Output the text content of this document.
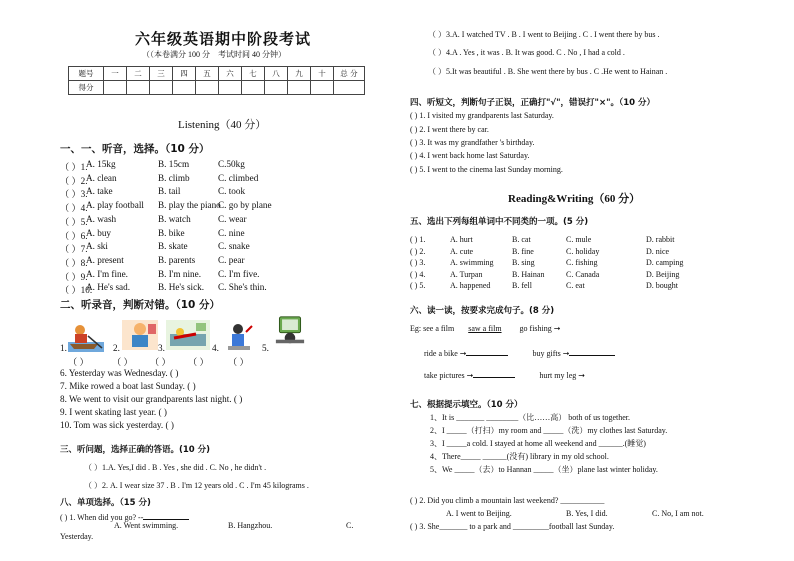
六年级英语期中阶段考试
（（本卷满分 100 分　考试时间 40 分钟）
题号	一	二	三	四	五	六	七	八	九	十	总 分
得分											
Listening（40 分）
一、一、听音，选择。（10 分）
（ ）1.
A. 15kg	B. 15cm	C.50kg
（ ）2.
A. clean	B. climb	C. climbed
（ ）3.
A. take	B. tail	C. took
（ ）4.
A. play football B. play the piano
C. go by plane
（ ）5.
A. wash	B. watch	C. wear
（ ）6.
A. buy	B. bike	C. nine
（ ）7.
A. ski	B. skate	C. snake
（ ）8.
A. present	B. parents C. pear
（ ）9.
A. I'm fine.	B. I'm nine. C. I'm five.
（ ）10.
A. He's sad.	B. He's sick. C. She's thin.
二、听录音，判断对错。（10 分）
1.	2.	3.	4.	5.
（ ）	（ ） （ ） （ ） （ ）
6. Yesterday was Wednesday. ( )
7. Mike rowed a boat last Sunday. ( )
8. We went to visit our grandparents last night. ( )
9. I went skating last year. ( )
10. Tom was sick yesterday. ( )
三、听问题，选择正确的答语。(10 分)
（ ）1.A. Yes,I did . B . Yes , she did . C. No , he didn't .
（ ）2. A. I wear size 37 . B . I'm 12 years old . C . I'm 45 kilograms .
八、单项选择。（15 分)
( ) 1. When did you go? --
A. Went swimming.	B. Hangzhou.	C.
Yesterday.
（ ）3.A. I watched TV . B . I went to Beijing . C . I went there by bus .
（ ）4.A . Yes , it was . B. It was good. C . No , I had a cold .
（ ）5.It was beautiful . B. She went there by bus . C .He went to Hainan .
四、听短文，判断句子正误，正确打"√"，错误打"×"。（10 分）
( ) 1. I visited my grandparents last Saturday.
( ) 2. I went there by car.
( ) 3. It was my grandfather 's birthday.
( ) 4. I went back home last Saturday.
( ) 5. I went to the cinema last Sunday morning.
Reading&Writing（60 分）
五、选出下列每组单词中不同类的一项。(5 分)
( ) 1.	A. hurt	B. cat	C. mule	D. rabbit
( ) 2.	A. cute	B. fine	C. holiday	D. nice
( ) 3.	A. swimming B. sing	C. fishing	D. camping
( ) 4.	A. Turpan	B. Hainan	C. Canada	D. Beijing
( ) 5.	A. happened	B. fell	C. eat	D. bought
六、读一读，按要求完成句子。(8 分)
Eg: see a film saw a film go fishing ➞
ride a bike ➞	buy gifts ➞
take pictures ➞	hurt my leg ➞
七、根据提示填空。（10 分）
1、It is _______ ________（比……高） both of us together.
2、I _____（打扫）my room and _____（洗）my clothes last Saturday.
3、I _____a cold. I stayed at home all weekend and ______.(睡觉)
4、There_____ ______(没有) library in my old school.
5、We _____（去）to Hannan _____（坐）plane last winter holiday.
( ) 2. Did you climb a mountain last weekend? ___________
A. I went to Beijing.	B. Yes, I did.	C. No, I am not.
( ) 3. She_______ to a park and _________football last Sunday.
